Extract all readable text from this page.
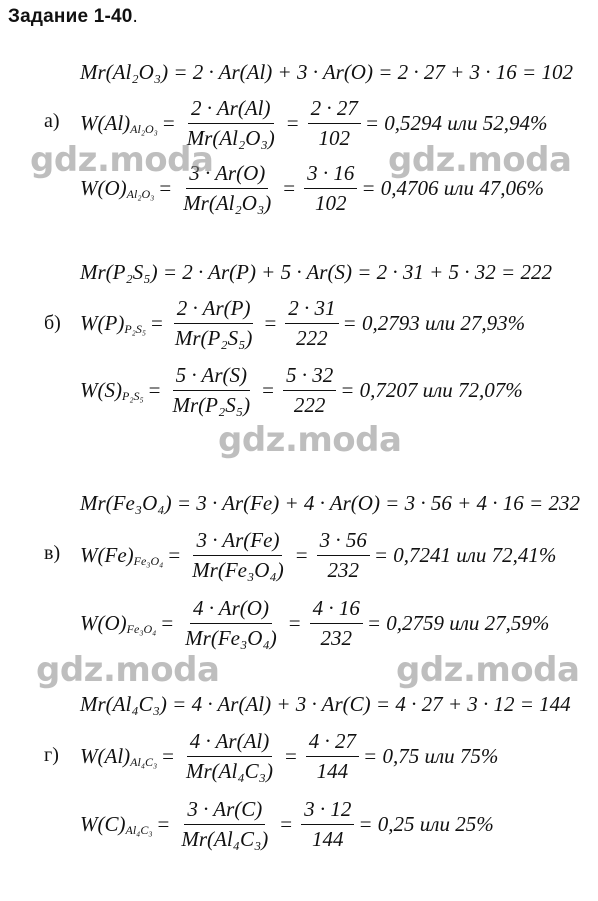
Задание 1-40.
Mr(Al₂O₃) = 2 · Ar(Al) + 3 · Ar(O) = 2 · 27 + 3 · 16 = 102
а) W(Al) $Al_2O_3 = \frac{2 \cdot Ar(Al)}{\text{Mr(Al₂O₃)}} = \frac{2 \cdot 27}{102} = 0,5294$ или 52,94%
W(O) $Al_2O_3 = \frac{3 \cdot Ar(O)}{\text{Mr(Al₂O₃)}} = \frac{3 \cdot 16}{102} = 0,4706$ или 47,06%
Mr(P₂S₅) = 2 · Ar(P) + 5 · Ar(S) = 2 · 31 + 5 · 32 = 222
б) W(P) $P_2S_5 = \frac{2 \cdot Ar(P)}{\text{Mr(P₂S₅)}} = \frac{2 \cdot 31}{222} = 0,2793$ или 27,93%
W(S) $P_2S_5 = \frac{5 \cdot Ar(S)}{\text{Mr(P₂S₅)}} = \frac{5 \cdot 32}{222} = 0,7207$ или 72,07%
Mr(Fe₃O₄) = 3 · Ar(Fe) + 4 · Ar(O) = 3 · 56 + 4 · 16 = 232
в) W(Fe) $Fe_3O_4 = \frac{3 \cdot Ar(Fe)}{\text{Mr(Fe₃O₄)}} = \frac{3 \cdot 56}{232} = 0,7241$ или 72,41%
W(O) $Fe_3O_4 = \frac{4 \cdot Ar(O)}{\text{Mr(Fe₃O₄)}} = \frac{4 \cdot 16}{232} = 0,2759$ или 27,59%
Mr(Al₄C₃) = 4 · Ar(Al) + 3 · Ar(C) = 4 · 27 + 3 · 12 = 144
г) W(Al) $Al_4C_3 = \frac{4 \cdot Ar(Al)}{\text{Mr(Al₄C₃)}} = \frac{4 \cdot 27}{144} = 0,75$ или 75%
W(C) $Al_4C_3 = \frac{3 \cdot Ar(C)}{\text{Mr(Al₄C₃)}} = \frac{3 \cdot 12}{144} = 0,25$ или 25%
gdz.moda	gdz.moda
gdz.moda
gdz.moda	gdz.moda
